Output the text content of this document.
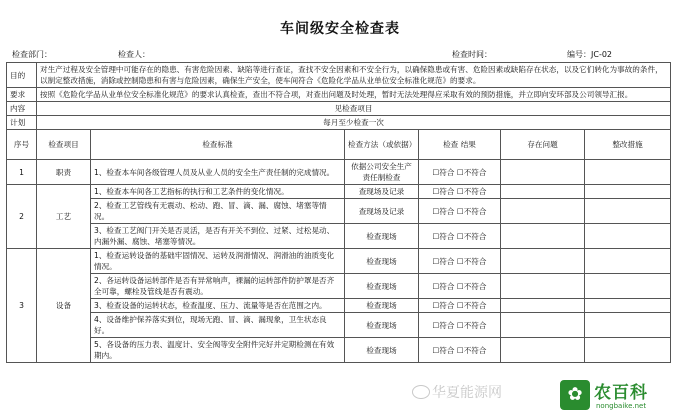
车间级安全检查表
检查部门：	检查人：	检查时间：	编号：JC-02
目的	对生产过程及安全管理中可能存在的隐患、有害危险因素、缺陷等进行查证，查找不安全因素和不安全行为，以确保隐患或有害、危险因素或缺陷存在状态，以及它们转化为事故的条件，以制定整改措施，消除或控制隐患和有害与危险因素，确保生产安全，使车间符合《危险化学品从业单位安全标准化规范》的要求。					
要求	按照《危险化学品从业单位安全标准化规范》的要求认真检查，查出不符合项，对查出问题及时处理，暂时无法处理得应采取有效的预防措施，并立即向安环部及公司领导汇报。					
内容	见检查项目					
计划	每月至少检查一次					
序号	检查项目	检查标准	检查方法（或依据）	检查 结果	存在问题	整改措施
1	职责	1、检查本车间各级管理人员及从业人员的安全生产责任制的完成情况。	依据公司安全生产责任制检查	☐符合 ☐不符合		
2	工艺	1、检查本车间各工艺指标的执行和工艺条件的变化情况。	查现场及记录	☐符合 ☐不符合		
		2、检查工艺管线有无震动、松动、跑、冒、滴、漏、腐蚀、堵塞等情况。	查现场及记录	☐符合 ☐不符合		
		3、检查工艺阀门开关是否灵活，是否有开关不到位、过紧、过松晃动、内漏外漏、腐蚀、堵塞等情况。	检查现场	☐符合 ☐不符合		
3	设备	1、检查运转设备的基础牢固情况、运转及润滑情况、润滑油的油质变化情况。	检查现场	☐符合 ☐不符合		
		2、各运转设备运转部件是否有异常响声，裸漏的运转部件防护罩是否齐全可靠，螺栓及管线是否有震动。	检查现场	☐符合 ☐不符合		
		3、检查设备的运转状态，检查温度、压力、流量等是否在范围之内。	检查现场	☐符合 ☐不符合		
		4、设备维护保养落实到位，现场无跑、冒、滴、漏现象，卫生状态良好。	检查现场	☐符合 ☐不符合		
		5、各设备的压力表、温度计、安全阀等安全附件完好并定期检测在有效期内。	检查现场	☐符合 ☐不符合		
华夏能源网	✿ 农百科
nongbaike.net
